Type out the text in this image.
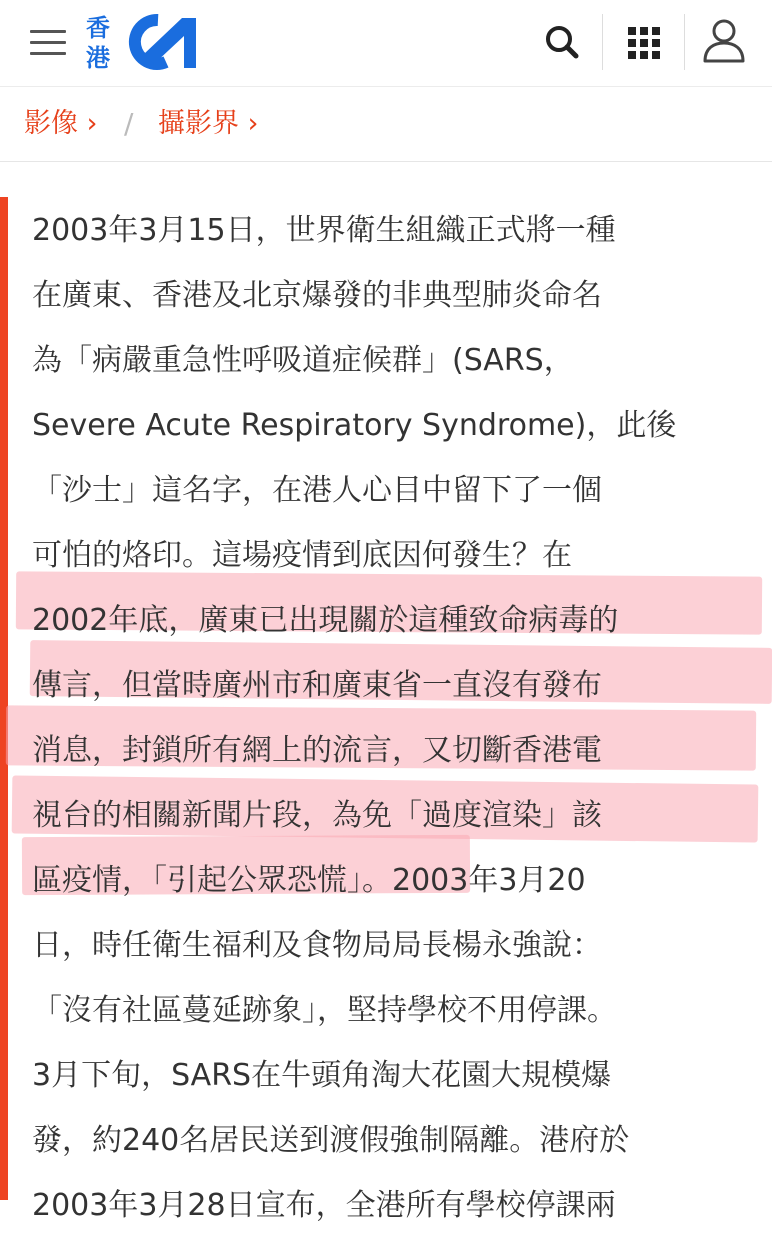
香
港
影像 › / 攝影界 ›

2003年3月15日，世界衛生組織正式將一種

在廣東、香港及北京爆發的非典型肺炎命名

為「病嚴重急性呼吸道症候群」(SARS，

Severe Acute Respiratory Syndrome)，此後

「沙士」這名字，在港人心目中留下了一個

可怕的烙印。這場疫情到底因何發生？在

2002年底，廣東已出現關於這種致命病毒的

傳言，但當時廣州市和廣東省一直沒有發布

消息，封鎖所有網上的流言，又切斷香港電

視台的相關新聞片段，為免「過度渲染」該

區疫情，「引起公眾恐慌」。2003年3月20

日，時任衛生福利及食物局局長楊永強說：

「沒有社區蔓延跡象」，堅持學校不用停課。

3月下旬，SARS在牛頭角淘大花園大規模爆

發，約240名居民送到渡假強制隔離。港府於

2003年3月28日宣布，全港所有學校停課兩
